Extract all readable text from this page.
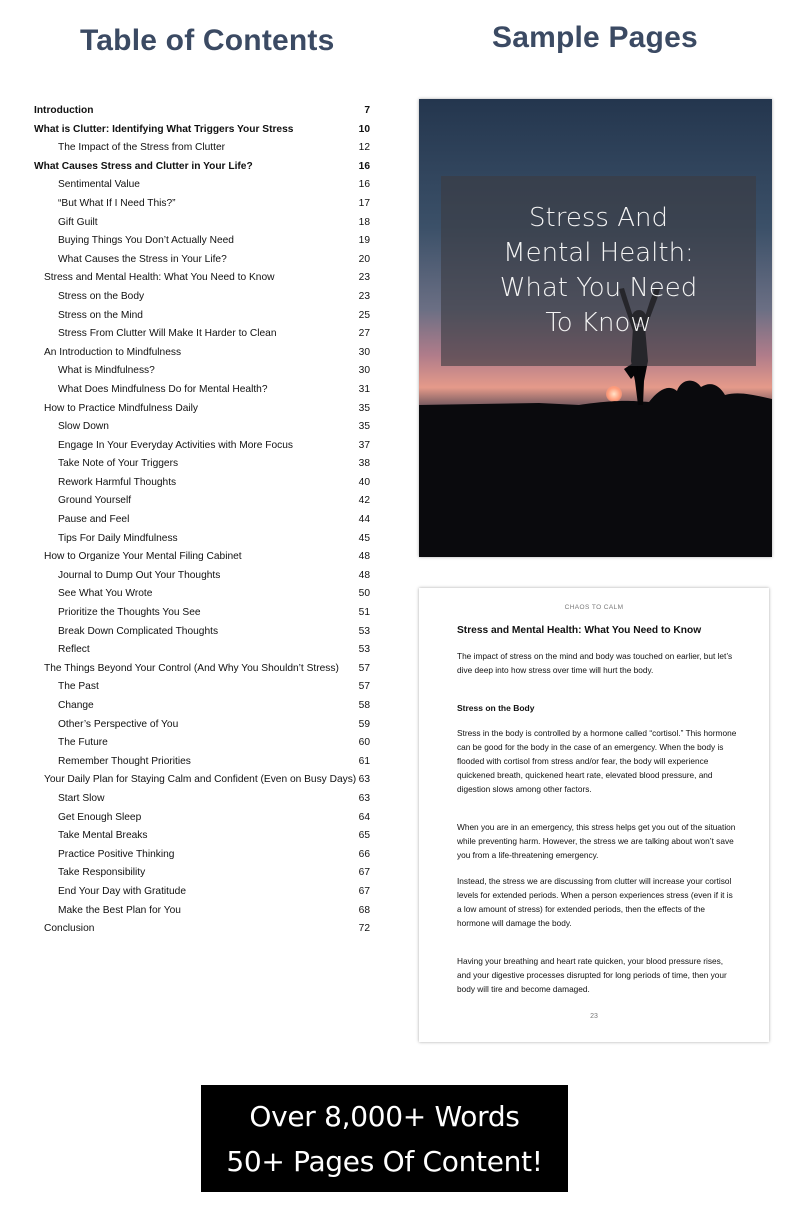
Table of Contents	Sample Pages
Introduction	7
What is Clutter: Identifying What Triggers Your Stress	10
The Impact of the Stress from Clutter	12
What Causes Stress and Clutter in Your Life?	16
Sentimental Value	16
“But What If I Need This?”	17
Gift Guilt	18
Buying Things You Don’t Actually Need	19
What Causes the Stress in Your Life?	20
Stress and Mental Health: What You Need to Know	23
Stress on the Body	23
Stress on the Mind	25
Stress From Clutter Will Make It Harder to Clean	27
An Introduction to Mindfulness	30
What is Mindfulness?	30
What Does Mindfulness Do for Mental Health?	31
How to Practice Mindfulness Daily	35
Slow Down	35
Engage In Your Everyday Activities with More Focus	37
Take Note of Your Triggers	38
Rework Harmful Thoughts	40
Ground Yourself	42
Pause and Feel	44
Tips For Daily Mindfulness	45
How to Organize Your Mental Filing Cabinet	48
Journal to Dump Out Your Thoughts	48
See What You Wrote	50
Prioritize the Thoughts You See	51
Break Down Complicated Thoughts	53
Reflect	53
The Things Beyond Your Control (And Why You Shouldn’t Stress) 57
The Past	57
Change	58
Other’s Perspective of You	59
The Future	60
Remember Thought Priorities	61
Your Daily Plan for Staying Calm and Confident (Even on Busy Days) 63
Start Slow	63
Get Enough Sleep	64
Take Mental Breaks	65
Practice Positive Thinking	66
Take Responsibility	67
End Your Day with Gratitude	67
Make the Best Plan for You	68
Conclusion	72
Stress And
Mental Health:
What You Need
To Know
CHAOS TO CALM
Stress and Mental Health: What You Need to Know
The impact of stress on the mind and body was touched on earlier, but let’s dive deep into how stress over time will hurt the body.
Stress on the Body
Stress in the body is controlled by a hormone called “cortisol.” This hormone can be good for the body in the case of an emergency. When the body is flooded with cortisol from stress and/or fear, the body will experience quickened breath, quickened heart rate, elevated blood pressure, and digestion slows among other factors.
When you are in an emergency, this stress helps get you out of the situation while preventing harm. However, the stress we are talking about won’t save you from a life-threatening emergency.
Instead, the stress we are discussing from clutter will increase your cortisol levels for extended periods. When a person experiences stress (even if it is a low amount of stress) for extended periods, then the effects of the hormone will damage the body.
Having your breathing and heart rate quicken, your blood pressure rises, and your digestive processes disrupted for long periods of time, then your body will tire and become damaged.
23
Over 8,000+ Words
50+ Pages Of Content!
